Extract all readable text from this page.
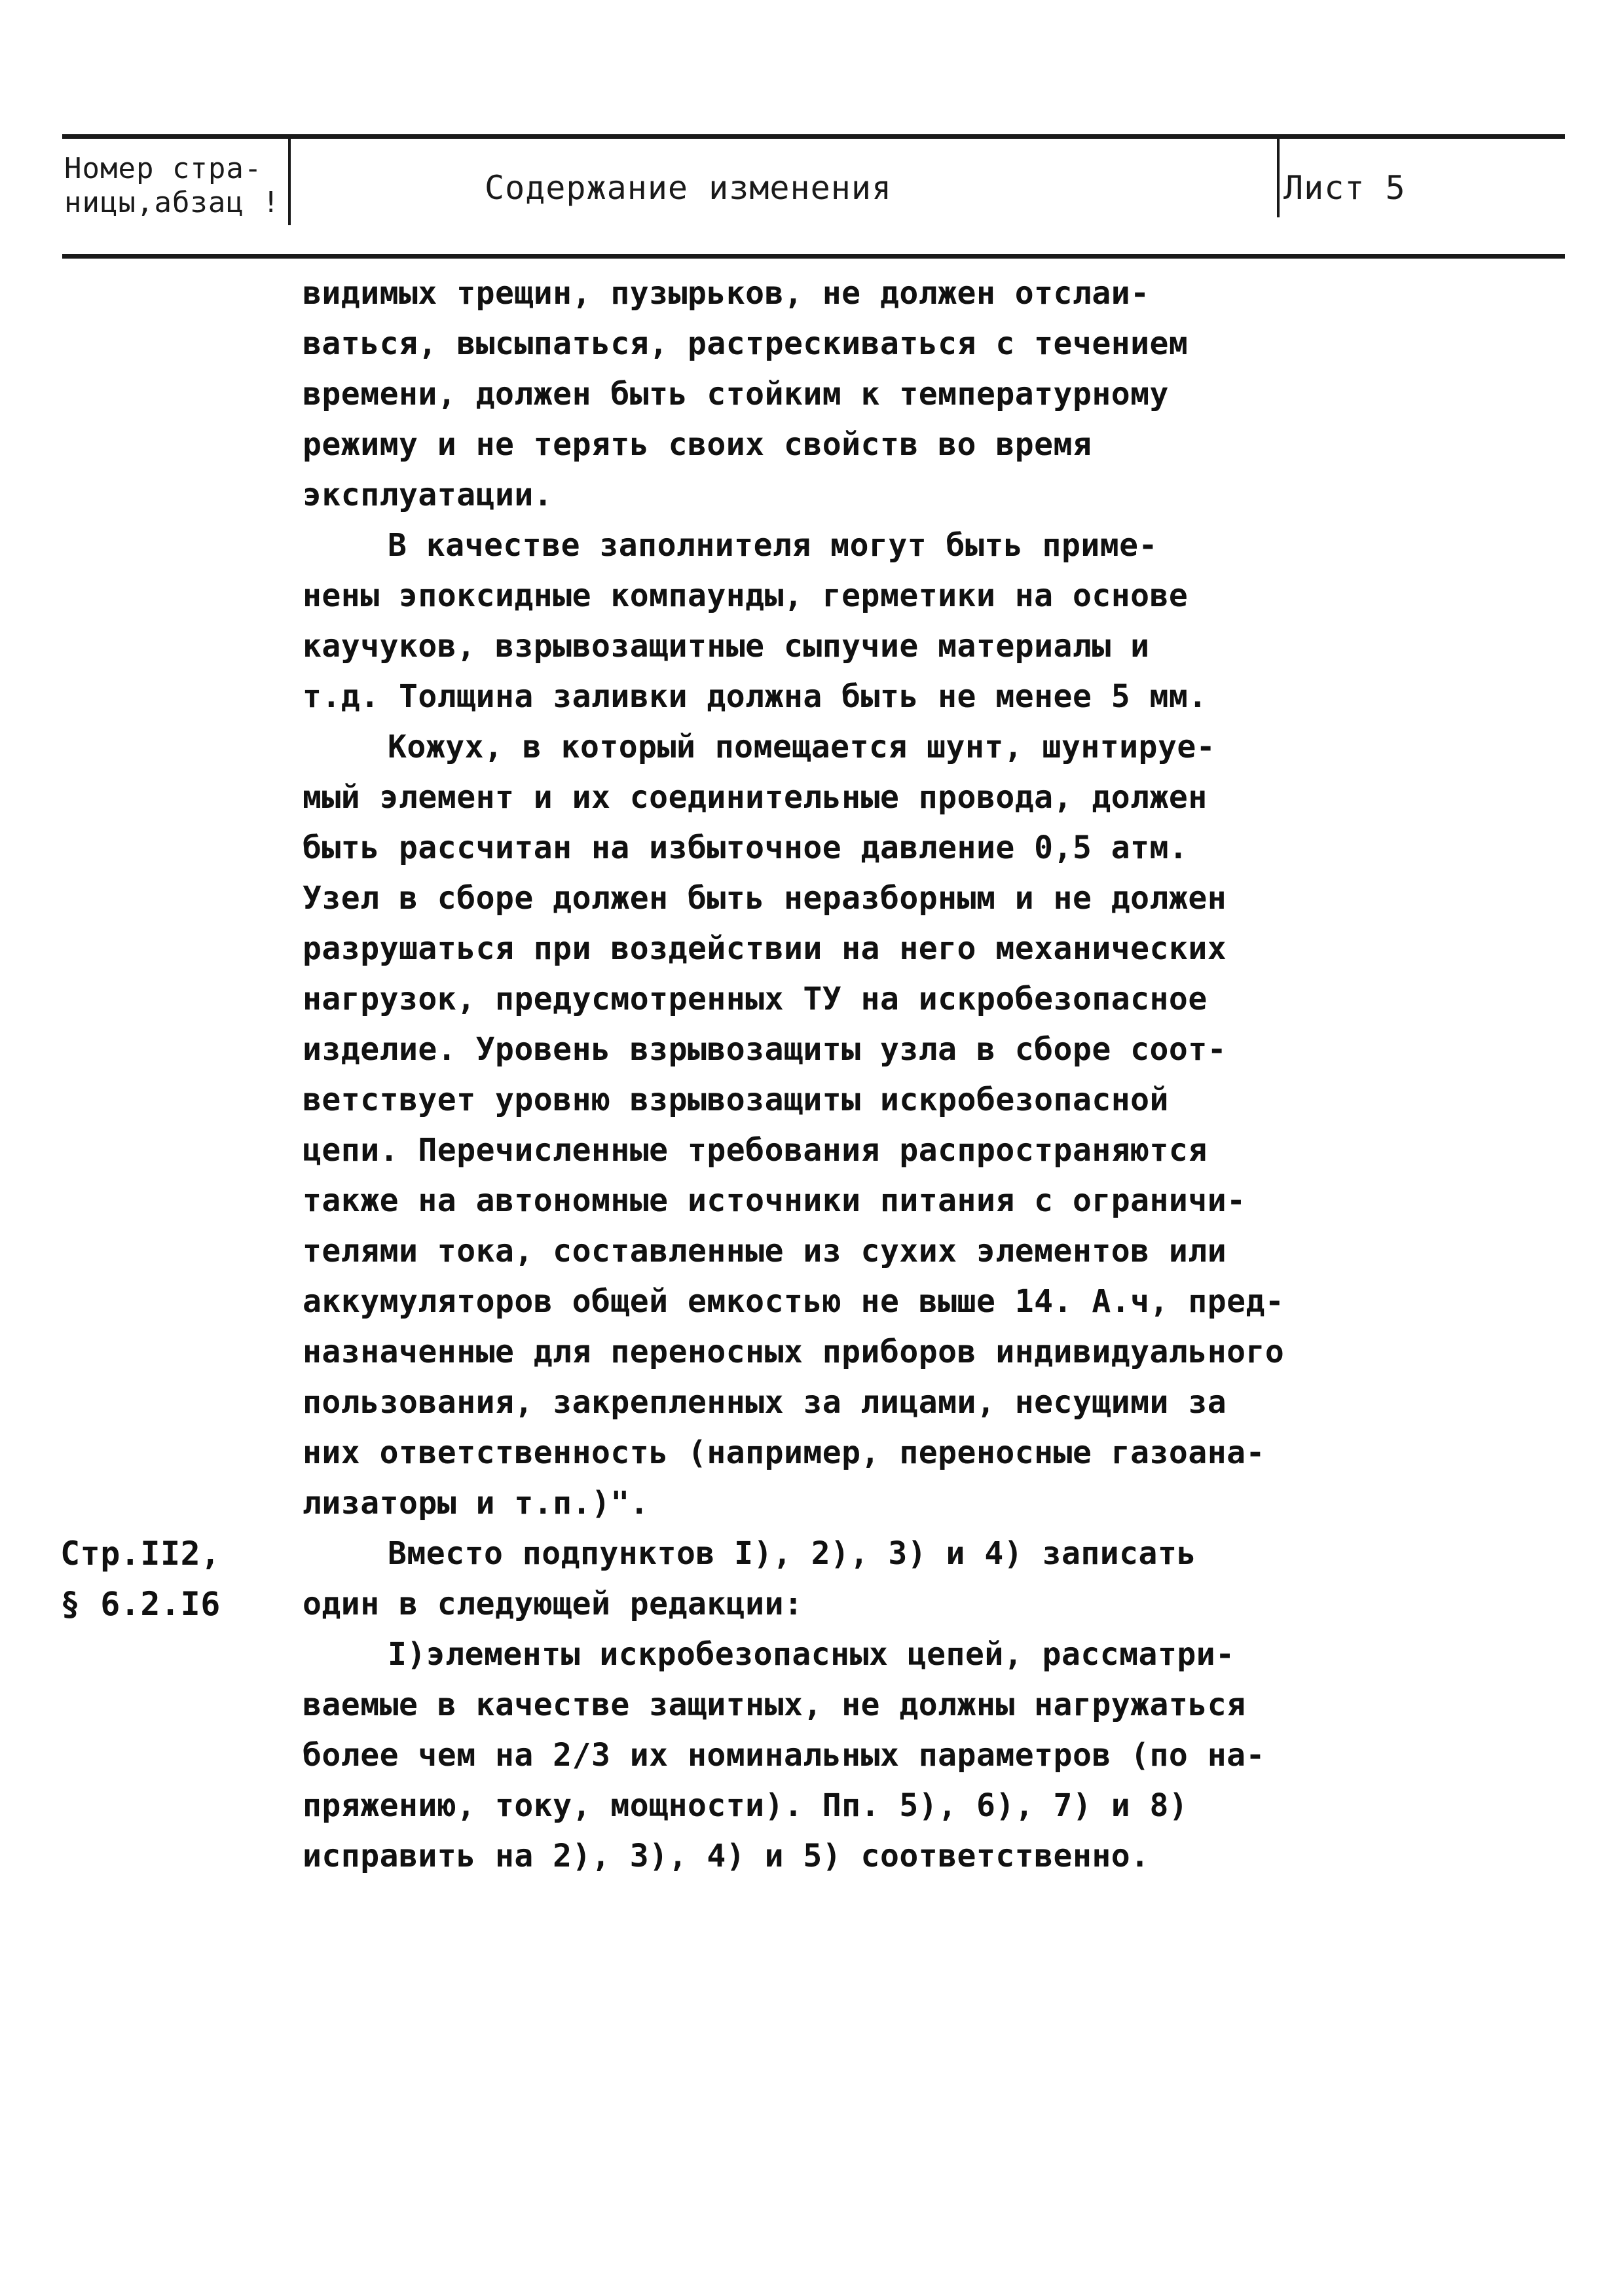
Номер стра-
ницы,абзац !	Содержание изменения	Лист 5
видимых трещин, пузырьков, не должен отслаи-
ваться, высыпаться, растрескиваться с течением
времени, должен быть стойким к температурному
режиму и не терять своих свойств во время
эксплуатации.
В качестве заполнителя могут быть приме-
нены эпоксидные компаунды, герметики на основе
каучуков, взрывозащитные сыпучие материалы и
т.д. Толщина заливки должна быть не менее 5 мм.
Кожух, в который помещается шунт, шунтируе-
мый элемент и их соединительные провода, должен
быть рассчитан на избыточное давление 0,5 атм.
Узел в сборе должен быть неразборным и не должен
разрушаться при воздействии на него механических
нагрузок, предусмотренных ТУ на искробезопасное
изделие. Уровень взрывозащиты узла в сборе соот-
ветствует уровню взрывозащиты искробезопасной
цепи. Перечисленные требования распространяются
также на автономные источники питания с ограничи-
телями тока, составленные из сухих элементов или
аккумуляторов общей емкостью не выше 14. А.ч, пред-
назначенные для переносных приборов индивидуального
пользования, закрепленных за лицами, несущими за
них ответственность (например, переносные газоана-
лизаторы и т.п.)".
Стр.II2,
§ 6.2.I6
Вместо подпунктов I), 2), 3) и 4) записать
один в следующей редакции:
I)элементы искробезопасных цепей, рассматри-
ваемые в качестве защитных, не должны нагружаться
более чем на 2/3 их номинальных параметров (по на-
пряжению, току, мощности). Пп. 5), 6), 7) и 8)
исправить на 2), 3), 4) и 5) соответственно.
